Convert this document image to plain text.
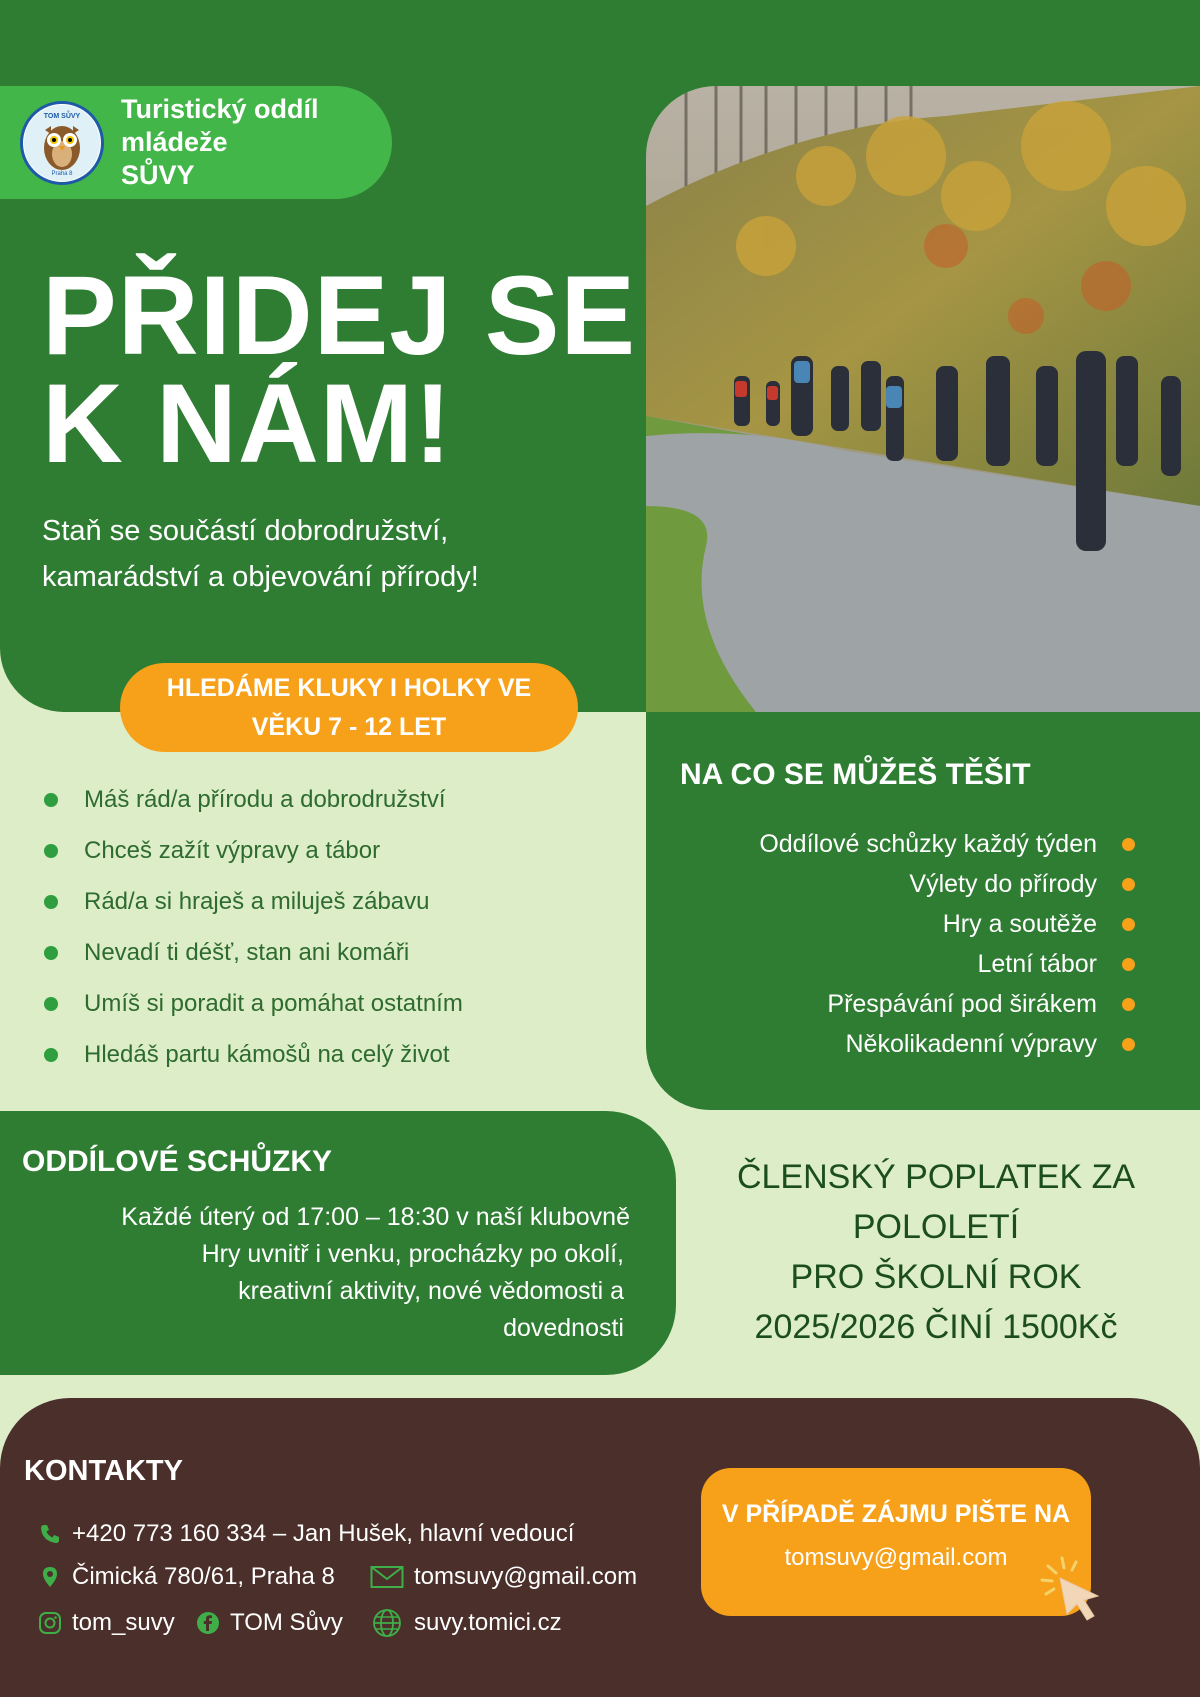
TOM SŮVY
Praha 8
Turistický oddíl
mládeže
SŮVY
PŘIDEJ SE
K NÁM!
Staň se součástí dobrodružství,
kamarádství a objevování přírody!
HLEDÁME KLUKY I HOLKY VE
VĚKU 7 - 12 LET
Máš rád/a přírodu a dobrodružství
Chceš zažít výpravy a tábor
Rád/a si hraješ a miluješ zábavu
Nevadí ti déšť, stan ani komáři
Umíš si poradit a pomáhat ostatním
Hledáš partu kámošů na celý život
NA CO SE MŮŽEŠ TĚŠIT
Oddílové schůzky každý týden
Výlety do přírody
Hry a soutěže
Letní tábor
Přespávání pod širákem
Několikadenní výpravy
ODDÍLOVÉ SCHŮZKY
Každé úterý od 17:00 – 18:30 v naší klubovně
Hry uvnitř i venku, procházky po okolí,
kreativní aktivity, nové vědomosti a
dovednosti
ČLENSKÝ POPLATEK ZA
POLOLETÍ
PRO ŠKOLNÍ ROK
2025/2026 ČINÍ 1500Kč
KONTAKTY
+420 773 160 334 – Jan Hušek, hlavní vedoucí
Čimická 780/61, Praha 8	tomsuvy@gmail.com
tom_suvy TOM Sůvy	suvy.tomici.cz
V PŘÍPADĚ ZÁJMU PIŠTE NA
tomsuvy@gmail.com
